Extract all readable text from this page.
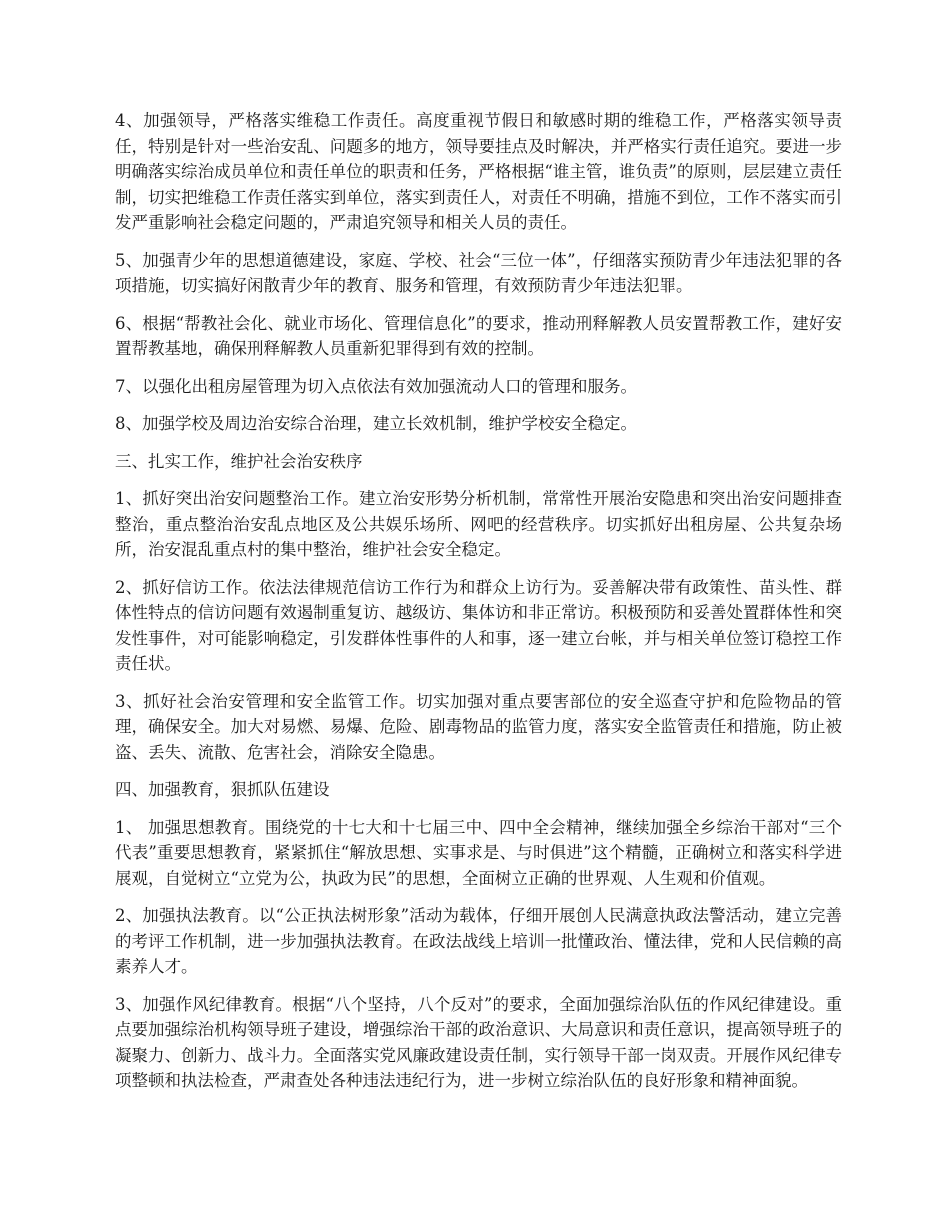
4、加强领导，严格落实维稳工作责任。高度重视节假日和敏感时期的维稳工作，严格落实领导责任，特别是针对一些治安乱、问题多的地方，领导要挂点及时解决，并严格实行责任追究。要进一步明确落实综治成员单位和责任单位的职责和任务，严格根据“谁主管，谁负责”的原则，层层建立责任制，切实把维稳工作责任落实到单位，落实到责任人，对责任不明确，措施不到位，工作不落实而引发严重影响社会稳定问题的，严肃追究领导和相关人员的责任。

5、加强青少年的思想道德建设，家庭、学校、社会“三位一体”，仔细落实预防青少年违法犯罪的各项措施，切实搞好闲散青少年的教育、服务和管理，有效预防青少年违法犯罪。

6、根据“帮教社会化、就业市场化、管理信息化”的要求，推动刑释解教人员安置帮教工作，建好安置帮教基地，确保刑释解教人员重新犯罪得到有效的控制。

7、以强化出租房屋管理为切入点依法有效加强流动人口的管理和服务。

8、加强学校及周边治安综合治理，建立长效机制，维护学校安全稳定。

三、扎实工作，维护社会治安秩序

1、抓好突出治安问题整治工作。建立治安形势分析机制，常常性开展治安隐患和突出治安问题排查整治，重点整治治安乱点地区及公共娱乐场所、网吧的经营秩序。切实抓好出租房屋、公共复杂场所，治安混乱重点村的集中整治，维护社会安全稳定。

2、抓好信访工作。依法法律规范信访工作行为和群众上访行为。妥善解决带有政策性、苗头性、群体性特点的信访问题有效遏制重复访、越级访、集体访和非正常访。积极预防和妥善处置群体性和突发性事件，对可能影响稳定，引发群体性事件的人和事，逐一建立台帐，并与相关单位签订稳控工作责任状。

3、抓好社会治安管理和安全监管工作。切实加强对重点要害部位的安全巡查守护和危险物品的管理，确保安全。加大对易燃、易爆、危险、剧毒物品的监管力度，落实安全监管责任和措施，防止被盗、丢失、流散、危害社会，消除安全隐患。

四、加强教育，狠抓队伍建设

1、 加强思想教育。围绕党的十七大和十七届三中、四中全会精神，继续加强全乡综治干部对“三个代表”重要思想教育，紧紧抓住“解放思想、实事求是、与时俱进”这个精髓，正确树立和落实科学进展观，自觉树立“立党为公，执政为民”的思想，全面树立正确的世界观、人生观和价值观。

2、加强执法教育。以“公正执法树形象”活动为载体，仔细开展创人民满意执政法警活动，建立完善的考评工作机制，进一步加强执法教育。在政法战线上培训一批懂政治、懂法律，党和人民信赖的高素养人才。

3、加强作风纪律教育。根据“八个坚持，八个反对”的要求，全面加强综治队伍的作风纪律建设。重点要加强综治机构领导班子建设，增强综治干部的政治意识、大局意识和责任意识，提高领导班子的凝聚力、创新力、战斗力。全面落实党风廉政建设责任制，实行领导干部一岗双责。开展作风纪律专项整顿和执法检查，严肃查处各种违法违纪行为，进一步树立综治队伍的良好形象和精神面貌。
